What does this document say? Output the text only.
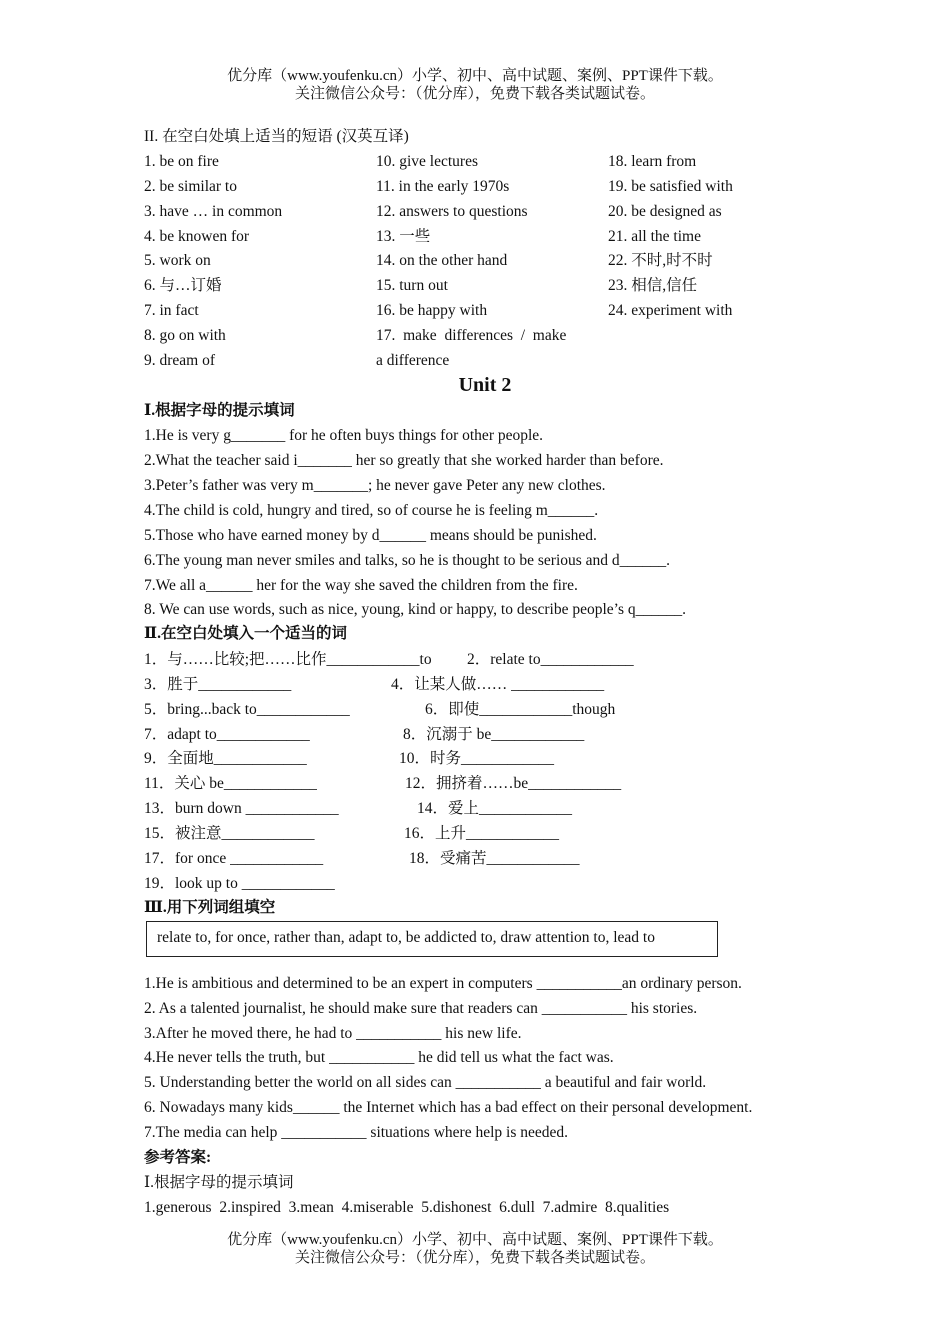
优分库（www.youfenku.cn）小学、初中、高中试题、案例、PPT课件下载。
关注微信公众号：（优分库），免费下载各类试题试卷。
II. 在空白处填上适当的短语 (汉英互译)
1. be on fire
2. be similar to
3. have … in common
4. be knowen for
5. work on
6. 与…订婚
7. in fact
8. go on with
9. dream of
10. give lectures
11. in the early 1970s
12. answers to questions
13. 一些
14. on the other hand
15. turn out
16. be happy with
17.  make  differences  /  make
a difference
18. learn from
19. be satisfied with
20. be designed as
21. all the time
22. 不时,时不时
23. 相信,信任
24. experiment with
Unit 2
Ⅰ.根据字母的提示填词
1.He is very g_______ for he often buys things for other people.
2.What the teacher said i_______ her so greatly that she worked harder than before.
3.Peter’s father was very m_______; he never gave Peter any new clothes.
4.The child is cold, hungry and tired, so of course he is feeling m______.
5.Those who have earned money by d______ means should be punished.
6.The young man never smiles and talks, so he is thought to be serious and d______.
7.We all a______ her for the way she saved the children from the fire.
8. We can use words, such as nice, young, kind or happy, to describe people’s q______.
Ⅱ.在空白处填入一个适当的词
1．与……比较;把……比作____________to 2．relate to____________
3．胜于____________	4．让某人做…… ____________
5．bring...back to____________	6．即使____________though
7．adapt to____________	8．沉溺于 be____________
9．全面地____________	10．时务____________
11．关心 be____________	12．拥挤着……be____________
13．burn down ____________	14．爱上____________
15．被注意____________	16．上升____________
17．for once ____________	18．受痛苦____________
19．look up to ____________
Ⅲ.用下列词组填空
relate to, for once, rather than, adapt to, be addicted to, draw attention to, lead to
1.He is ambitious and determined to be an expert in computers ___________an ordinary person.
2. As a talented journalist, he should make sure that readers can ___________ his stories.
3.After he moved there, he had to ___________ his new life.
4.He never tells the truth, but ___________ he did tell us what the fact was.
5. Understanding better the world on all sides can ___________ a beautiful and fair world.
6. Nowadays many kids______ the Internet which has a bad effect on their personal development.
7.The media can help ___________ situations where help is needed.
参考答案:
Ⅰ.根据字母的提示填词
1.generous  2.inspired  3.mean  4.miserable  5.dishonest  6.dull  7.admire  8.qualities
优分库（www.youfenku.cn）小学、初中、高中试题、案例、PPT课件下载。
关注微信公众号：（优分库），免费下载各类试题试卷。
